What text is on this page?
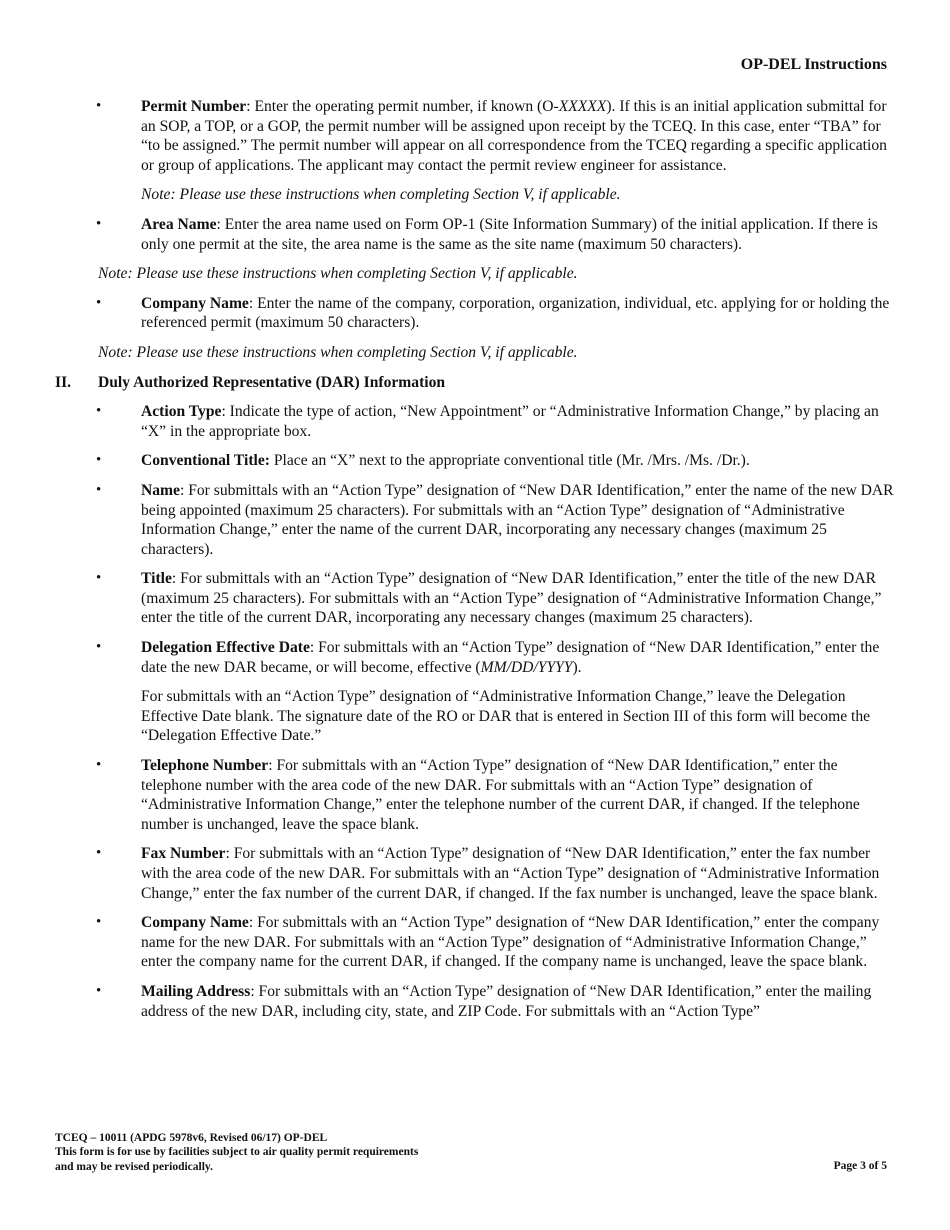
OP-DEL Instructions
•	Permit Number: Enter the operating permit number, if known (O-XXXXX). If this is an initial application submittal for an SOP, a TOP, or a GOP, the permit number will be assigned upon receipt by the TCEQ. In this case, enter “TBA” for “to be assigned.” The permit number will appear on all correspondence from the TCEQ regarding a specific application or group of applications. The applicant may contact the permit review engineer for assistance.
Note: Please use these instructions when completing Section V, if applicable.
•	Area Name: Enter the area name used on Form OP-1 (Site Information Summary) of the initial application. If there is only one permit at the site, the area name is the same as the site name (maximum 50 characters).
Note: Please use these instructions when completing Section V, if applicable.
•	Company Name: Enter the name of the company, corporation, organization, individual, etc. applying for or holding the referenced permit (maximum 50 characters).
Note: Please use these instructions when completing Section V, if applicable.
II. Duly Authorized Representative (DAR) Information
•	Action Type: Indicate the type of action, “New Appointment” or “Administrative Information Change,” by placing an “X” in the appropriate box.
•	Conventional Title: Place an “X” next to the appropriate conventional title (Mr. /Mrs. /Ms. /Dr.).
•	Name: For submittals with an “Action Type” designation of “New DAR Identification,” enter the name of the new DAR being appointed (maximum 25 characters). For submittals with an “Action Type” designation of “Administrative Information Change,” enter the name of the current DAR, incorporating any necessary changes (maximum 25 characters).
•	Title: For submittals with an “Action Type” designation of “New DAR Identification,” enter the title of the new DAR (maximum 25 characters). For submittals with an “Action Type” designation of “Administrative Information Change,” enter the title of the current DAR, incorporating any necessary changes (maximum 25 characters).
•	Delegation Effective Date: For submittals with an “Action Type” designation of “New DAR Identification,” enter the date the new DAR became, or will become, effective (MM/DD/YYYY).
For submittals with an “Action Type” designation of “Administrative Information Change,” leave the Delegation Effective Date blank. The signature date of the RO or DAR that is entered in Section III of this form will become the “Delegation Effective Date.”
•	Telephone Number: For submittals with an “Action Type” designation of “New DAR Identification,” enter the telephone number with the area code of the new DAR. For submittals with an “Action Type” designation of “Administrative Information Change,” enter the telephone number of the current DAR, if changed. If the telephone number is unchanged, leave the space blank.
•	Fax Number: For submittals with an “Action Type” designation of “New DAR Identification,” enter the fax number with the area code of the new DAR. For submittals with an “Action Type” designation of “Administrative Information Change,” enter the fax number of the current DAR, if changed. If the fax number is unchanged, leave the space blank.
•	Company Name: For submittals with an “Action Type” designation of “New DAR Identification,” enter the company name for the new DAR. For submittals with an “Action Type” designation of “Administrative Information Change,” enter the company name for the current DAR, if changed. If the company name is unchanged, leave the space blank.
•	Mailing Address: For submittals with an “Action Type” designation of “New DAR Identification,” enter the mailing address of the new DAR, including city, state, and ZIP Code. For submittals with an “Action Type”
TCEQ – 10011 (APDG 5978v6, Revised 06/17) OP-DEL
This form is for use by facilities subject to air quality permit requirements
and may be revised periodically.	Page 3 of 5
